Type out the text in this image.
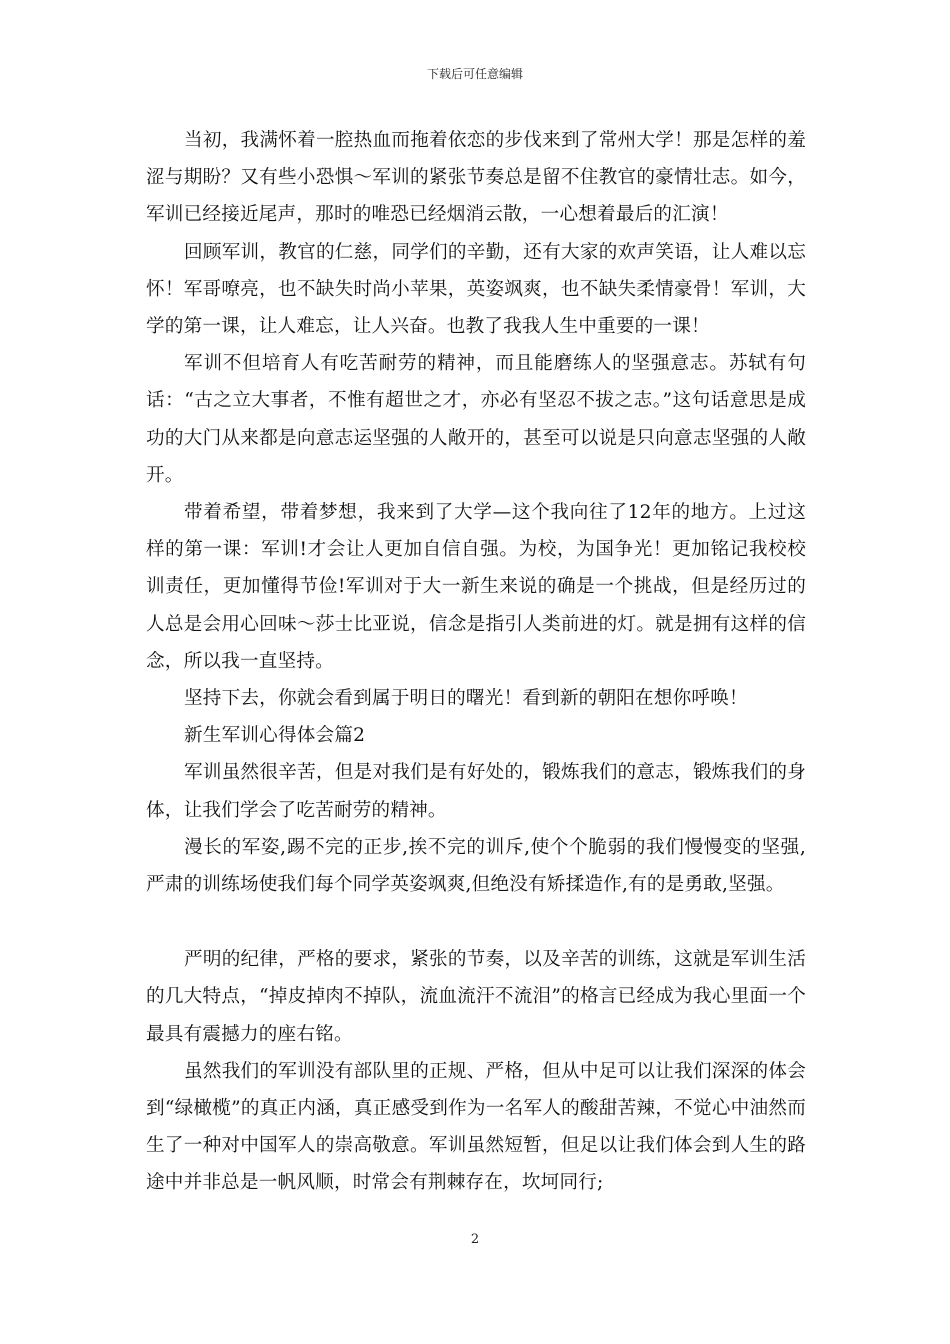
下载后可任意编辑

当初，我满怀着一腔热血而拖着依恋的步伐来到了常州大学！那是怎样的羞涩与期盼？又有些小恐惧～军训的紧张节奏总是留不住教官的豪情壮志。如今，军训已经接近尾声，那时的唯恐已经烟消云散，一心想着最后的汇演！

回顾军训，教官的仁慈，同学们的辛勤，还有大家的欢声笑语，让人难以忘怀！军哥嘹亮，也不缺失时尚小苹果，英姿飒爽，也不缺失柔情豪骨！军训，大学的第一课，让人难忘，让人兴奋。也教了我我人生中重要的一课！

军训不但培育人有吃苦耐劳的精神，而且能磨练人的坚强意志。苏轼有句话：“古之立大事者，不惟有超世之才，亦必有坚忍不拔之志。”这句话意思是成功的大门从来都是向意志运坚强的人敞开的，甚至可以说是只向意志坚强的人敞开。

带着希望，带着梦想，我来到了大学—这个我向往了12年的地方。上过这样的第一课：军训!才会让人更加自信自强。为校，为国争光！更加铭记我校校训责任，更加懂得节俭!军训对于大一新生来说的确是一个挑战，但是经历过的人总是会用心回味～莎士比亚说，信念是指引人类前进的灯。就是拥有这样的信念，所以我一直坚持。

坚持下去，你就会看到属于明日的曙光！看到新的朝阳在想你呼唤！

新生军训心得体会篇2

军训虽然很辛苦，但是对我们是有好处的，锻炼我们的意志，锻炼我们的身体，让我们学会了吃苦耐劳的精神。

漫长的军姿,踢不完的正步,挨不完的训斥,使个个脆弱的我们慢慢变的坚强,严肃的训练场使我们每个同学英姿飒爽,但绝没有矫揉造作,有的是勇敢,坚强。

严明的纪律，严格的要求，紧张的节奏，以及辛苦的训练，这就是军训生活的几大特点，“掉皮掉肉不掉队，流血流汗不流泪”的格言已经成为我心里面一个最具有震撼力的座右铭。

虽然我们的军训没有部队里的正规、严格，但从中足可以让我们深深的体会到“绿橄榄”的真正内涵，真正感受到作为一名军人的酸甜苦辣，不觉心中油然而生了一种对中国军人的崇高敬意。军训虽然短暂，但足以让我们体会到人生的路途中并非总是一帆风顺，时常会有荆棘存在，坎坷同行;

2
